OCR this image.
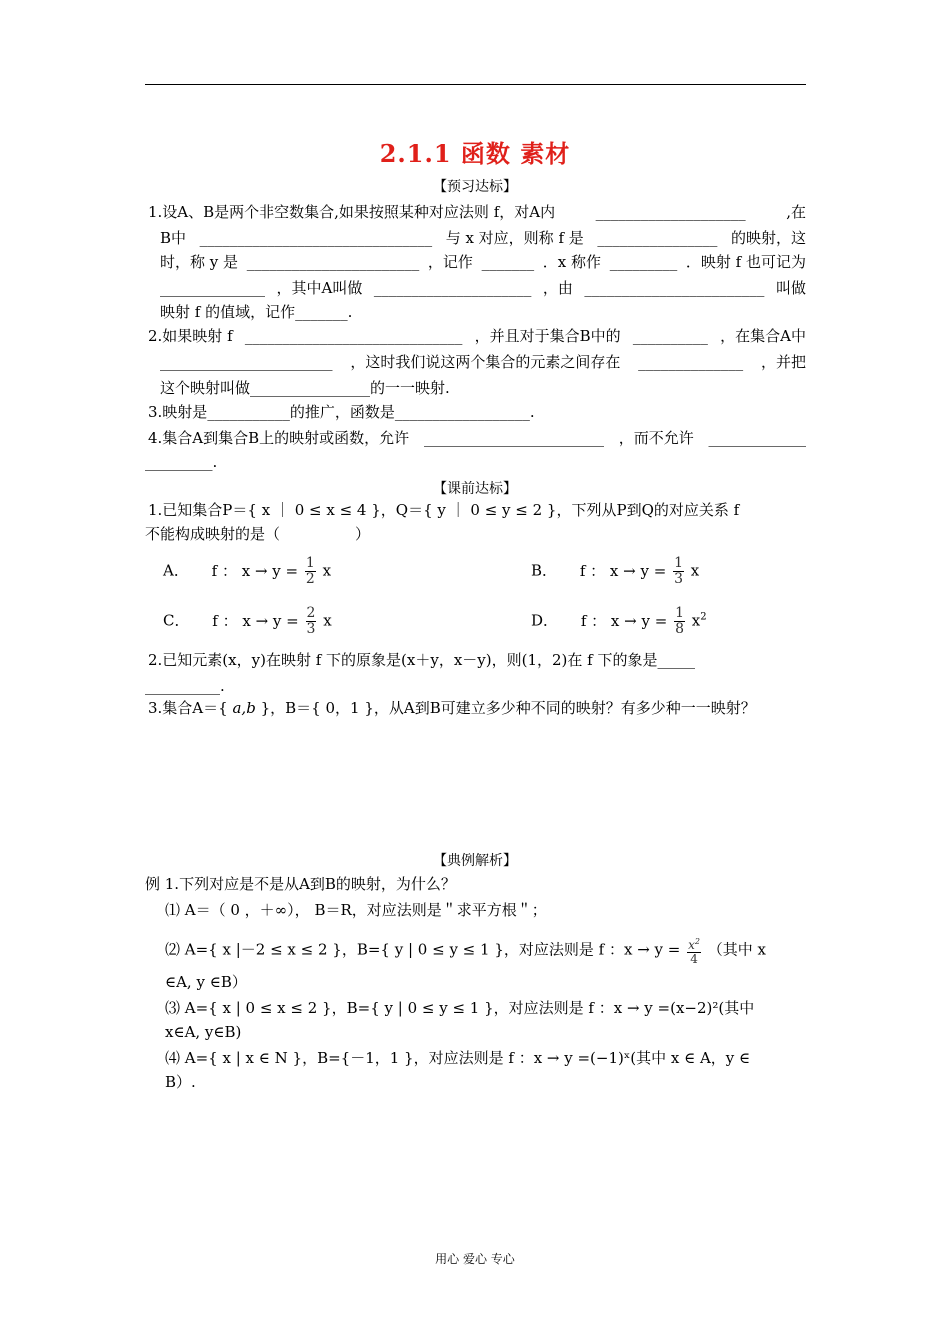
2.1.1 函数 素材
【预习达标】
1.设A、B是两个非空数集合,如果按照某种对应法则 f，对A内	____________________	,在
B中 _______________________________ 与 x 对应，则称 f 是 ________________ 的映射，这
时，称 y 是 _______________________ ，记作 _______ ．x 称作 _________ ．映射 f 也可记为
______________ ，其中A叫做 _____________________ ，由 ________________________ 叫做
映射 f 的值域，记作_______.
2.如果映射 f _____________________________ ，并且对于集合B中的 __________ ，在集合A中
_______________________ ，这时我们说这两个集合的元素之间存在 ______________ ，并把
这个映射叫做________________的一一映射.
3.映射是___________的推广，函数是__________________.
4.集合A到集合B上的映射或函数，允许 ________________________ ，而不允许 _____________
_________.
【课前达标】
1.已知集合P＝{ x ｜ 0 ≤ x ≤ 4 }，Q＝{ y ｜ 0 ≤ y ≤ 2 }，下列从P到Q的对应关系 f
不能构成映射的是（　　　　　）
A． f ： $x \to y = \frac{1}{2}$ x	B． f ： $x \to y = \frac{1}{3}$ x
C． f ： $x \to y = \frac{2}{3}$ x	D． f ： $x \to y = \frac{1}{8} x^2$
2.已知元素(x，y)在映射 f 下的原象是(x＋y，x－y)，则(1，2)在 f 下的象是_____
__________.
3.集合A＝{ a,b }，B＝{ 0，1 }，从A到B可建立多少种不同的映射？有多少种一一映射？
【典例解析】
例 1.下列对应是不是从A到B的映射，为什么？
⑴ A＝（ 0 ，＋∞）， B＝R，对应法则是＂求平方根＂；
⑵ A={ x |－2 ≤ x ≤ 2 }，B={ y | 0 ≤ y ≤ 1 }，对应法则是 f ：$x \to y = \frac{x^2}{4}$ （其中 x
∈A, y ∈B）
⑶ A={ x | 0 ≤ x ≤ 2 }，B={ y | 0 ≤ y ≤ 1 }，对应法则是 f ：x → y =(x−2)²(其中
x∈A, y∈B)
⑷ A={ x | x ∈ N }，B={－1，1 }，对应法则是 f ：x → y =(−1)ˣ(其中 x ∈ A，y ∈
B）.
用心 爱心 专心
